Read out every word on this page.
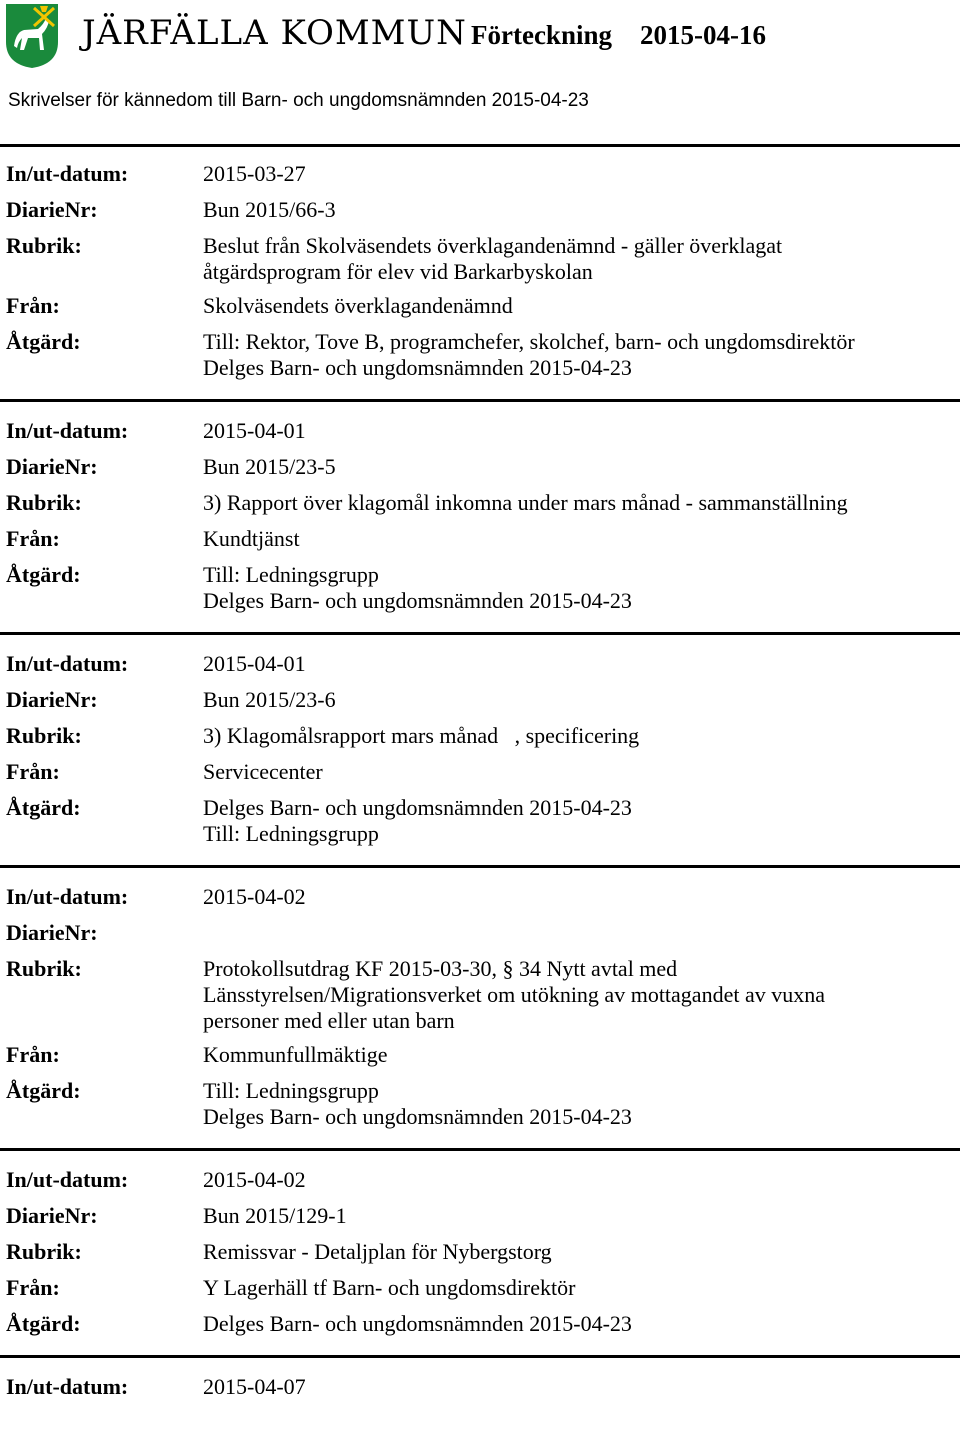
JÄRFÄLLA KOMMUN Förteckning 2015-04-16
Skrivelser för kännedom till Barn- och ungdomsnämnden 2015-04-23
In/ut-datum:	2015-03-27
DiarieNr:	Bun 2015/66-3
Rubrik:	Beslut från Skolväsendets överklagandenämnd - gäller överklagat
åtgärdsprogram för elev vid Barkarbyskolan
Från:	Skolväsendets överklagandenämnd
Åtgärd:	Till: Rektor, Tove B, programchefer, skolchef, barn- och ungdomsdirektör
Delges Barn- och ungdomsnämnden 2015-04-23
In/ut-datum:	2015-04-01
DiarieNr:	Bun 2015/23-5
Rubrik:	3) Rapport över klagomål inkomna under mars månad - sammanställning
Från:	Kundtjänst
Åtgärd:	Till: Ledningsgrupp
Delges Barn- och ungdomsnämnden 2015-04-23
In/ut-datum:	2015-04-01
DiarieNr:	Bun 2015/23-6
Rubrik:	3) Klagomålsrapport mars månad   , specificering
Från:	Servicecenter
Åtgärd:	Delges Barn- och ungdomsnämnden 2015-04-23
Till: Ledningsgrupp
In/ut-datum:	2015-04-02
DiarieNr:

Rubrik:	Protokollsutdrag KF 2015-03-30, § 34 Nytt avtal med
Länsstyrelsen/Migrationsverket om utökning av mottagandet av vuxna
personer med eller utan barn
Från:	Kommunfullmäktige
Åtgärd:	Till: Ledningsgrupp
Delges Barn- och ungdomsnämnden 2015-04-23
In/ut-datum:	2015-04-02
DiarieNr:	Bun 2015/129-1
Rubrik:	Remissvar - Detaljplan för Nybergstorg
Från:	Y Lagerhäll tf Barn- och ungdomsdirektör
Åtgärd:	Delges Barn- och ungdomsnämnden 2015-04-23
In/ut-datum:	2015-04-07
